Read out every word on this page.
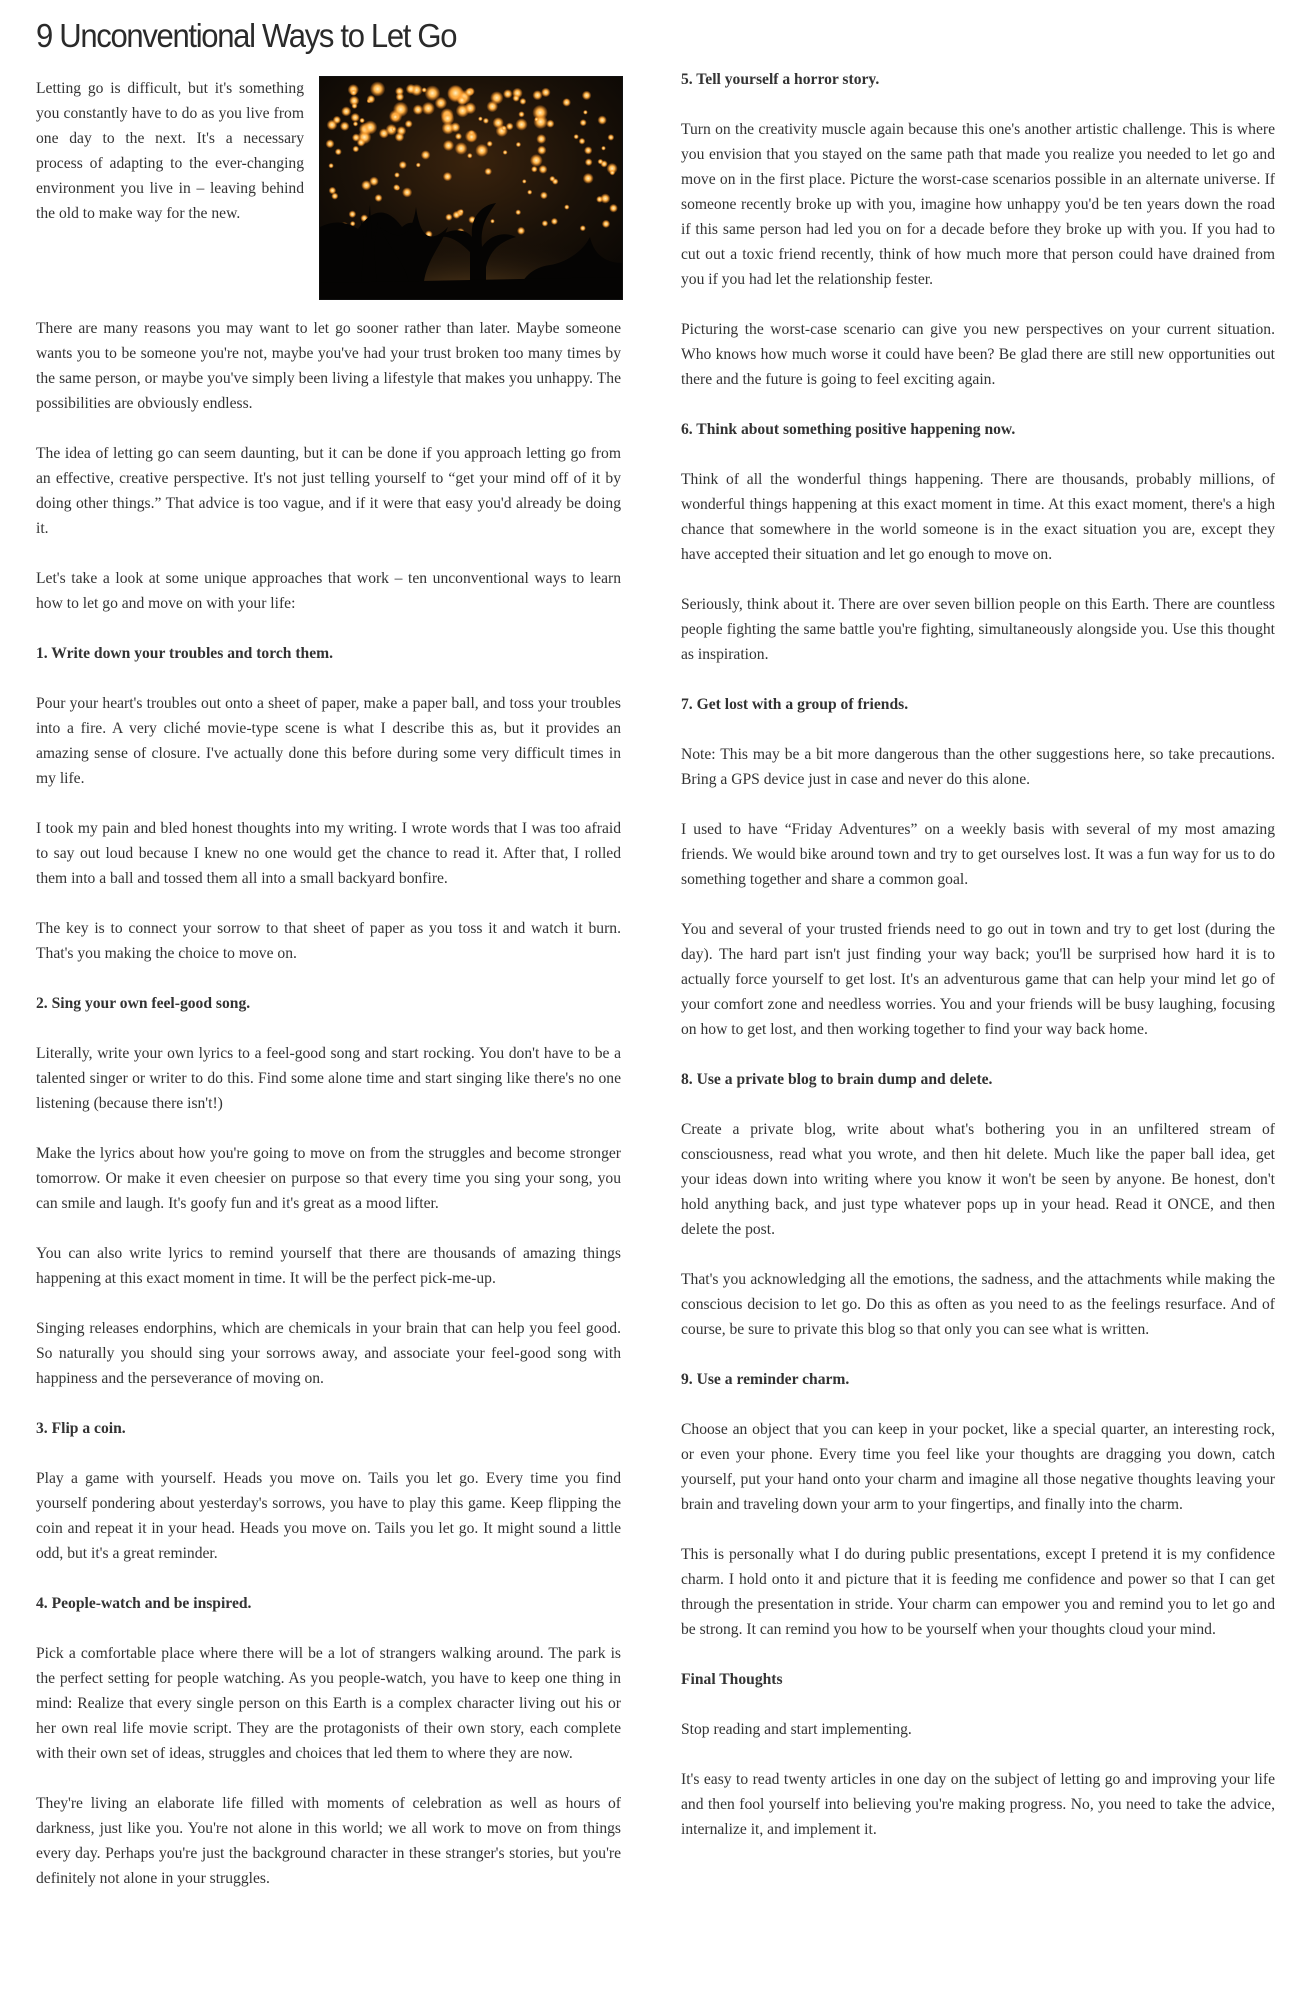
9 Unconventional Ways to Let Go

Letting go is difficult, but it's something you constantly have to do as you live from one day to the next. It's a necessary process of adapting to the ever-changing environment you live in – leaving behind the old to make way for the new.

There are many reasons you may want to let go sooner rather than later. Maybe someone wants you to be someone you're not, maybe you've had your trust broken too many times by the same person, or maybe you've simply been living a lifestyle that makes you unhappy. The possibilities are obviously endless.

The idea of letting go can seem daunting, but it can be done if you approach letting go from an effective, creative perspective. It's not just telling yourself to “get your mind off of it by doing other things.” That advice is too vague, and if it were that easy you'd already be doing it.

Let's take a look at some unique approaches that work – ten unconventional ways to learn how to let go and move on with your life:

1. Write down your troubles and torch them.

Pour your heart's troubles out onto a sheet of paper, make a paper ball, and toss your troubles into a fire. A very cliché movie-type scene is what I describe this as, but it provides an amazing sense of closure. I've actually done this before during some very difficult times in my life.

I took my pain and bled honest thoughts into my writing. I wrote words that I was too afraid to say out loud because I knew no one would get the chance to read it. After that, I rolled them into a ball and tossed them all into a small backyard bonfire.

The key is to connect your sorrow to that sheet of paper as you toss it and watch it burn. That's you making the choice to move on.

2. Sing your own feel-good song.

Literally, write your own lyrics to a feel-good song and start rocking. You don't have to be a talented singer or writer to do this. Find some alone time and start singing like there's no one listening (because there isn't!)

Make the lyrics about how you're going to move on from the struggles and become stronger tomorrow. Or make it even cheesier on purpose so that every time you sing your song, you can smile and laugh. It's goofy fun and it's great as a mood lifter.

You can also write lyrics to remind yourself that there are thousands of amazing things happening at this exact moment in time. It will be the perfect pick-me-up.

Singing releases endorphins, which are chemicals in your brain that can help you feel good. So naturally you should sing your sorrows away, and associate your feel-good song with happiness and the perseverance of moving on.

3. Flip a coin.

Play a game with yourself. Heads you move on. Tails you let go. Every time you find yourself pondering about yesterday's sorrows, you have to play this game. Keep flipping the coin and repeat it in your head. Heads you move on. Tails you let go. It might sound a little odd, but it's a great reminder.

4. People-watch and be inspired.

Pick a comfortable place where there will be a lot of strangers walking around. The park is the perfect setting for people watching. As you people-watch, you have to keep one thing in mind: Realize that every single person on this Earth is a complex character living out his or her own real life movie script. They are the protagonists of their own story, each complete with their own set of ideas, struggles and choices that led them to where they are now.

They're living an elaborate life filled with moments of celebration as well as hours of darkness, just like you. You're not alone in this world; we all work to move on from things every day. Perhaps you're just the background character in these stranger's stories, but you're definitely not alone in your struggles.

5. Tell yourself a horror story.

Turn on the creativity muscle again because this one's another artistic challenge. This is where you envision that you stayed on the same path that made you realize you needed to let go and move on in the first place. Picture the worst-case scenarios possible in an alternate universe. If someone recently broke up with you, imagine how unhappy you'd be ten years down the road if this same person had led you on for a decade before they broke up with you. If you had to cut out a toxic friend recently, think of how much more that person could have drained from you if you had let the relationship fester.

Picturing the worst-case scenario can give you new perspectives on your current situation. Who knows how much worse it could have been? Be glad there are still new opportunities out there and the future is going to feel exciting again.

6. Think about something positive happening now.

Think of all the wonderful things happening. There are thousands, probably millions, of wonderful things happening at this exact moment in time. At this exact moment, there's a high chance that somewhere in the world someone is in the exact situation you are, except they have accepted their situation and let go enough to move on.

Seriously, think about it. There are over seven billion people on this Earth. There are countless people fighting the same battle you're fighting, simultaneously alongside you. Use this thought as inspiration.

7. Get lost with a group of friends.

Note: This may be a bit more dangerous than the other suggestions here, so take precautions. Bring a GPS device just in case and never do this alone.

I used to have “Friday Adventures” on a weekly basis with several of my most amazing friends. We would bike around town and try to get ourselves lost. It was a fun way for us to do something together and share a common goal.

You and several of your trusted friends need to go out in town and try to get lost (during the day). The hard part isn't just finding your way back; you'll be surprised how hard it is to actually force yourself to get lost. It's an adventurous game that can help your mind let go of your comfort zone and needless worries. You and your friends will be busy laughing, focusing on how to get lost, and then working together to find your way back home.

8. Use a private blog to brain dump and delete.

Create a private blog, write about what's bothering you in an unfiltered stream of consciousness, read what you wrote, and then hit delete. Much like the paper ball idea, get your ideas down into writing where you know it won't be seen by anyone. Be honest, don't hold anything back, and just type whatever pops up in your head. Read it ONCE, and then delete the post.

That's you acknowledging all the emotions, the sadness, and the attachments while making the conscious decision to let go. Do this as often as you need to as the feelings resurface. And of course, be sure to private this blog so that only you can see what is written.

9. Use a reminder charm.

Choose an object that you can keep in your pocket, like a special quarter, an interesting rock, or even your phone. Every time you feel like your thoughts are dragging you down, catch yourself, put your hand onto your charm and imagine all those negative thoughts leaving your brain and traveling down your arm to your fingertips, and finally into the charm.

This is personally what I do during public presentations, except I pretend it is my confidence charm. I hold onto it and picture that it is feeding me confidence and power so that I can get through the presentation in stride. Your charm can empower you and remind you to let go and be strong. It can remind you how to be yourself when your thoughts cloud your mind.

Final Thoughts

Stop reading and start implementing.

It's easy to read twenty articles in one day on the subject of letting go and improving your life and then fool yourself into believing you're making progress. No, you need to take the advice, internalize it, and implement it.
